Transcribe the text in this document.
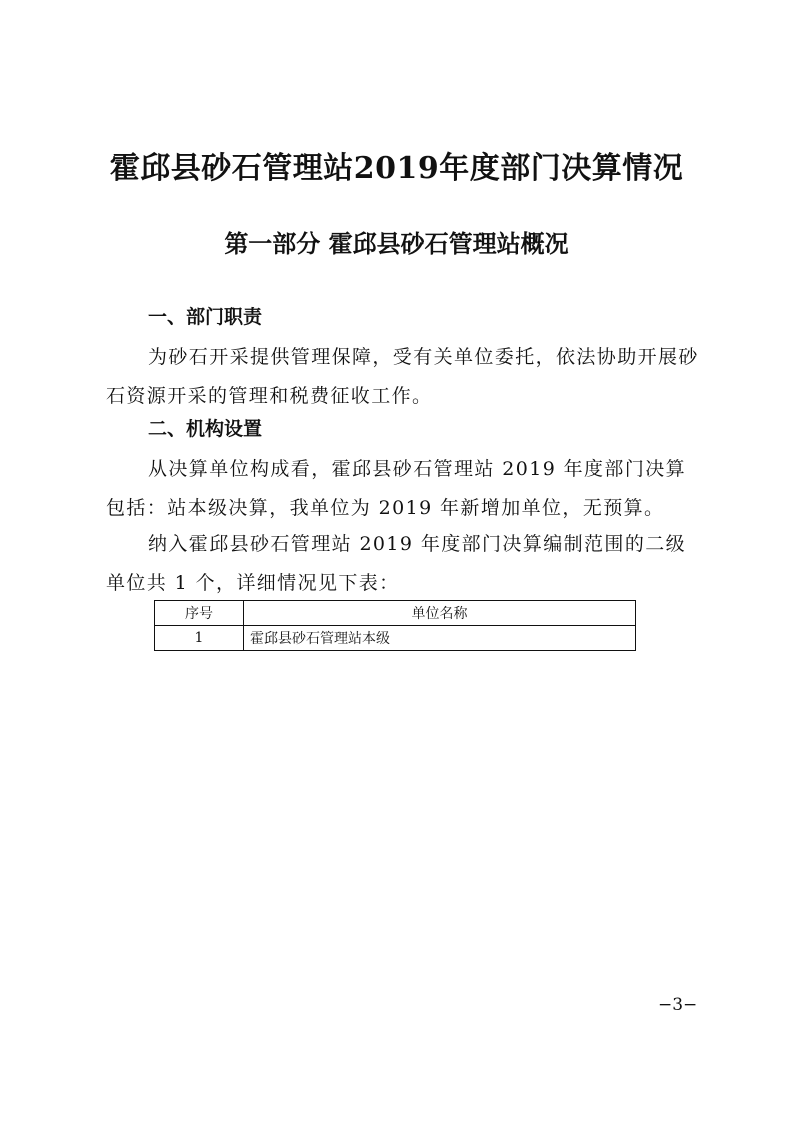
霍邱县砂石管理站2019年度部门决算情况
第一部分 霍邱县砂石管理站概况
一、部门职责
为砂石开采提供管理保障，受有关单位委托，依法协助开展砂石资源开采的管理和税费征收工作。
二、机构设置
从决算单位构成看，霍邱县砂石管理站 2019 年度部门决算包括：站本级决算，我单位为 2019 年新增加单位，无预算。
纳入霍邱县砂石管理站 2019 年度部门决算编制范围的二级单位共 1 个，详细情况见下表：
序号	单位名称
1	霍邱县砂石管理站本级
−3−
